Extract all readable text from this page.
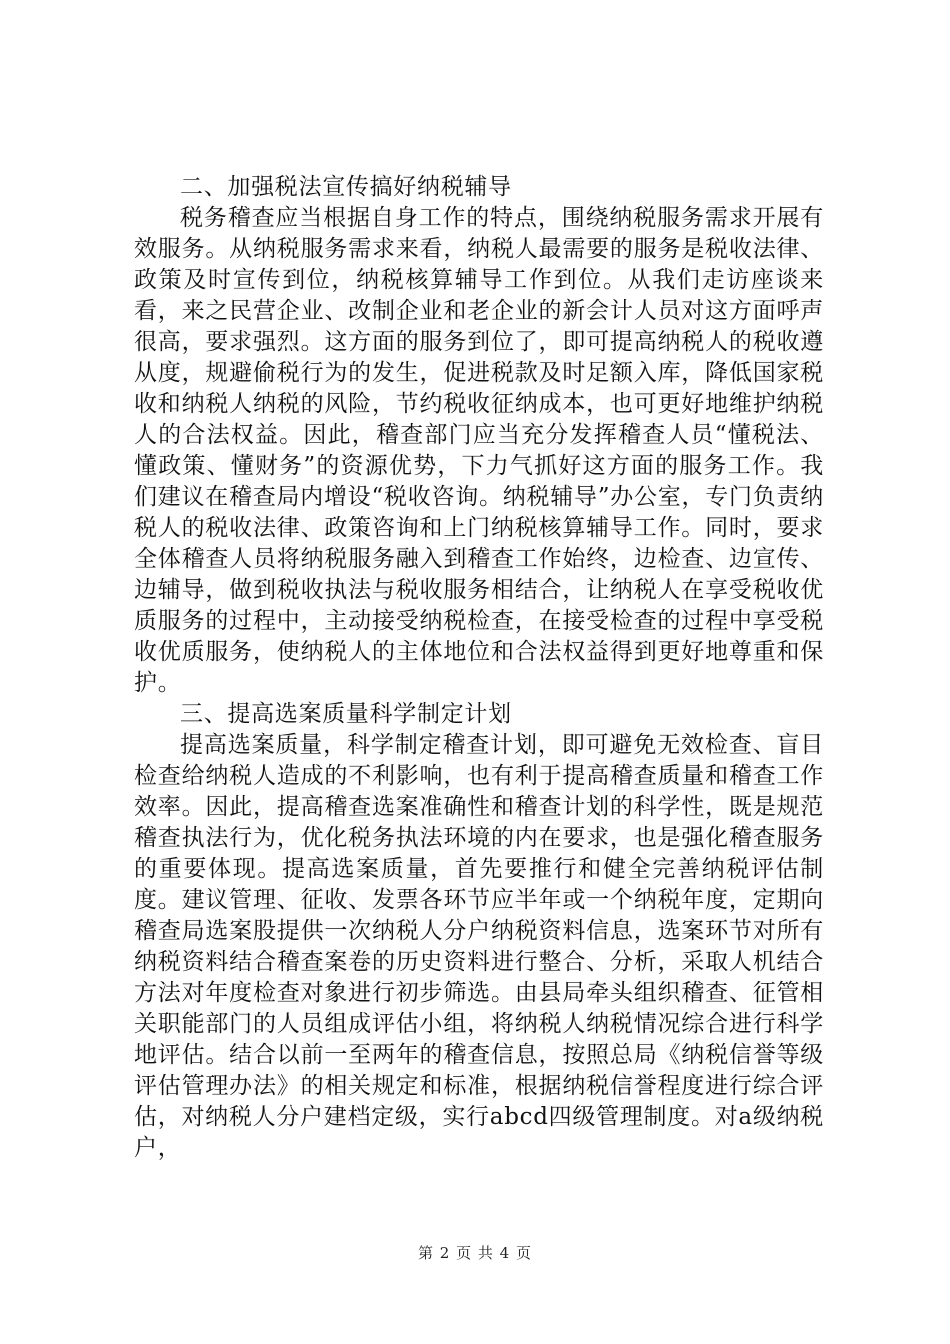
二、加强税法宣传搞好纳税辅导

税务稽查应当根据自身工作的特点，围绕纳税服务需求开展有效服务。从纳税服务需求来看，纳税人最需要的服务是税收法律、政策及时宣传到位，纳税核算辅导工作到位。从我们走访座谈来看，来之民营企业、改制企业和老企业的新会计人员对这方面呼声很高，要求强烈。这方面的服务到位了，即可提高纳税人的税收遵从度，规避偷税行为的发生，促进税款及时足额入库，降低国家税收和纳税人纳税的风险，节约税收征纳成本，也可更好地维护纳税人的合法权益。因此，稽查部门应当充分发挥稽查人员“懂税法、懂政策、懂财务”的资源优势，下力气抓好这方面的服务工作。我们建议在稽查局内增设“税收咨询。纳税辅导”办公室，专门负责纳税人的税收法律、政策咨询和上门纳税核算辅导工作。同时，要求全体稽查人员将纳税服务融入到稽查工作始终，边检查、边宣传、边辅导，做到税收执法与税收服务相结合，让纳税人在享受税收优质服务的过程中，主动接受纳税检查，在接受检查的过程中享受税收优质服务，使纳税人的主体地位和合法权益得到更好地尊重和保护。

三、提高选案质量科学制定计划

提高选案质量，科学制定稽查计划，即可避免无效检查、盲目检查给纳税人造成的不利影响，也有利于提高稽查质量和稽查工作效率。因此，提高稽查选案准确性和稽查计划的科学性，既是规范稽查执法行为，优化税务执法环境的内在要求，也是强化稽查服务的重要体现。提高选案质量，首先要推行和健全完善纳税评估制度。建议管理、征收、发票各环节应半年或一个纳税年度，定期向稽查局选案股提供一次纳税人分户纳税资料信息，选案环节对所有纳税资料结合稽查案卷的历史资料进行整合、分析，采取人机结合方法对年度检查对象进行初步筛选。由县局牵头组织稽查、征管相关职能部门的人员组成评估小组，将纳税人纳税情况综合进行科学地评估。结合以前一至两年的稽查信息，按照总局《纳税信誉等级评估管理办法》的相关规定和标准，根据纳税信誉程度进行综合评估，对纳税人分户建档定级，实行abcd四级管理制度。对a级纳税户，

第 2 页 共 4 页
